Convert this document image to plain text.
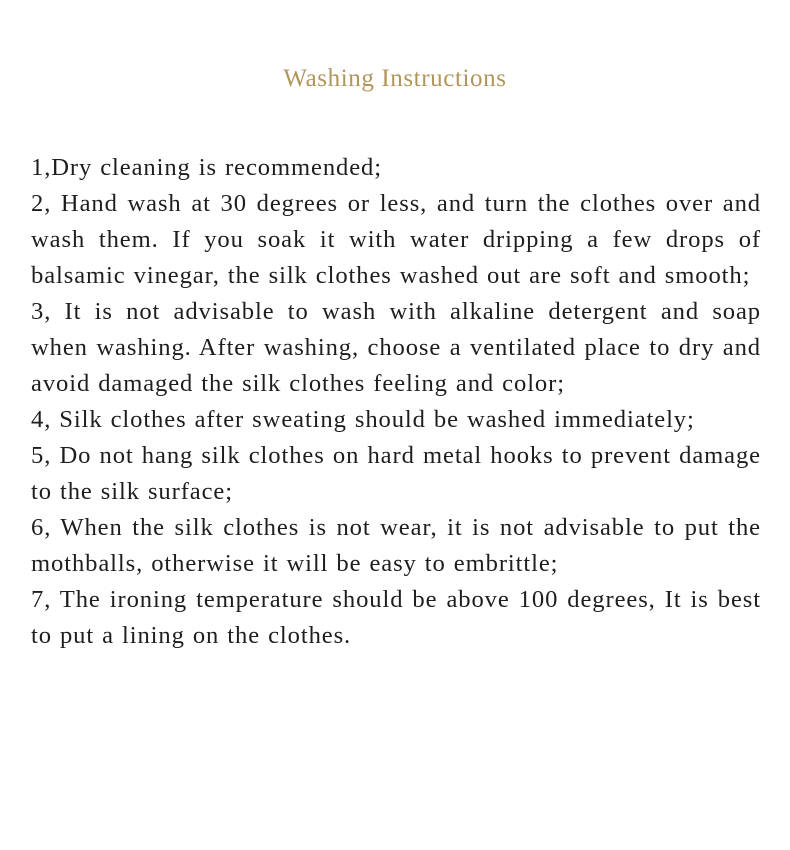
Washing Instructions
1,Dry cleaning is recommended;
2, Hand wash at 30 degrees or less, and turn the clothes over and wash them. If you soak it with water dripping a few drops of balsamic vinegar, the silk clothes washed out are soft and smooth;
3, It is not advisable to wash with alkaline detergent and soap when washing. After washing, choose a ventilated place to dry and avoid damaged the silk clothes feeling and color;
4, Silk clothes after sweating should be washed immediately;
5, Do not hang silk clothes on hard metal hooks to prevent damage to the silk surface;
6, When the silk clothes is not wear, it is not advisable to put the mothballs, otherwise it will be easy to embrittle;
7, The ironing temperature should be above 100 degrees, It is best to put a lining on the clothes.
